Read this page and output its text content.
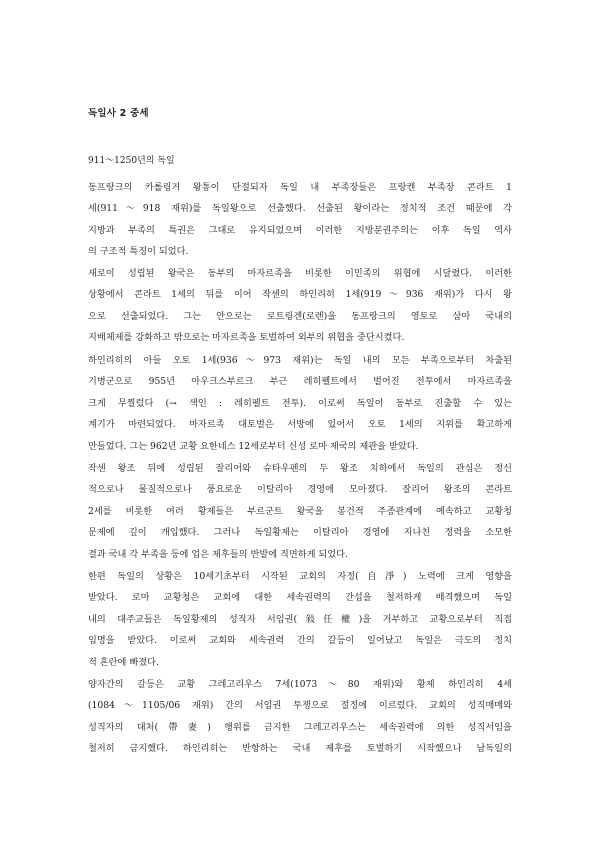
독일사 2 중세

911～1250년의 독일

동프랑크의 카롤링거 왕통이 단절되자 독일 내 부족장들은 프랑켄 부족장 콘라트 1
세(911～918 재위)를 독일왕으로 선출했다. 선출된 왕이라는 정치적 조건 때문에 각
지방과 부족의 특권은 그대로 유지되었으며 이러한 지방분권주의는 이후 독일 역사
의 구조적 특징이 되었다.
새로이 성립된 왕국은 동부의 마자르족을 비롯한 이민족의 위협에 시달렸다. 이러한
상황에서 콘라트 1세의 뒤를 이어 작센의 하인리히 1세(919～936 재위)가 다시 왕
으로 선출되었다. 그는 안으로는 로트링겐(로렌)을 동프랑크의 영토로 삼아 국내의
지배체제를 강화하고 밖으로는 마자르족을 토벌하여 외부의 위협을 중단시켰다.
하인리히의 아들 오토 1세(936～973 재위)는 독일 내의 모든 부족으로부터 차출된
기병군으로 955년 아우크스부르크 부근 레히펠트에서 벌어진 전투에서 마자르족을
크게 무찔렀다 (→ 색인 : 레히펠트 전투). 이로써 독일이 동부로 진출할 수 있는
계기가 마련되었다. 마자르족 대토벌은 서방에 있어서 오토 1세의 지위를 확고하게
만들었다. 그는 962년 교황 요한네스 12세로부터 신성 로마 제국의 제관을 받았다.
작센 왕조 뒤에 성립된 잘리어와 슈타우펜의 두 왕조 치하에서 독일의 관심은 정신
적으로나 물질적으로나 풍요로운 이탈리아 경영에 모아졌다. 잘리어 왕조의 콘라트
2세를 비롯한 여러 황제들은 부르군트 왕국을 봉건적 주종관계에 예속하고 교황청
문제에 깊이 개입했다. 그러나 독일황제는 이탈리아 경영에 지나친 정력을 소모한
결과 국내 각 부족을 등에 업은 제후들의 반발에 직면하게 되었다.
한편 독일의 상황은 10세기초부터 시작된 교회의 자정(自淨) 노력에 크게 영향을
받았다. 로마 교황청은 교회에 대한 세속권력의 간섭을 철저하게 배격했으며 독일
내의 대주교들은 독일황제의 성직자 서임권(敍任權)을 거부하고 교황으로부터 직접
임명을 받았다. 이로써 교회와 세속권력 간의 갈등이 일어났고 독일은 극도의 정치
적 혼란에 빠졌다.
양자간의 갈등은 교황 그레고리우스 7세(1073～80 재위)와 황제 하인리히 4세
(1084～1105/06 재위) 간의 서임권 투쟁으로 절정에 이르렀다. 교회의 성직매매와
성직자의 대처(帶妻) 행위를 금지한 그레고리우스는 세속권력에 의한 성직서임을
철저히 금지했다. 하인리히는 반항하는 국내 제후를 토벌하기 시작했으나 남독일의
